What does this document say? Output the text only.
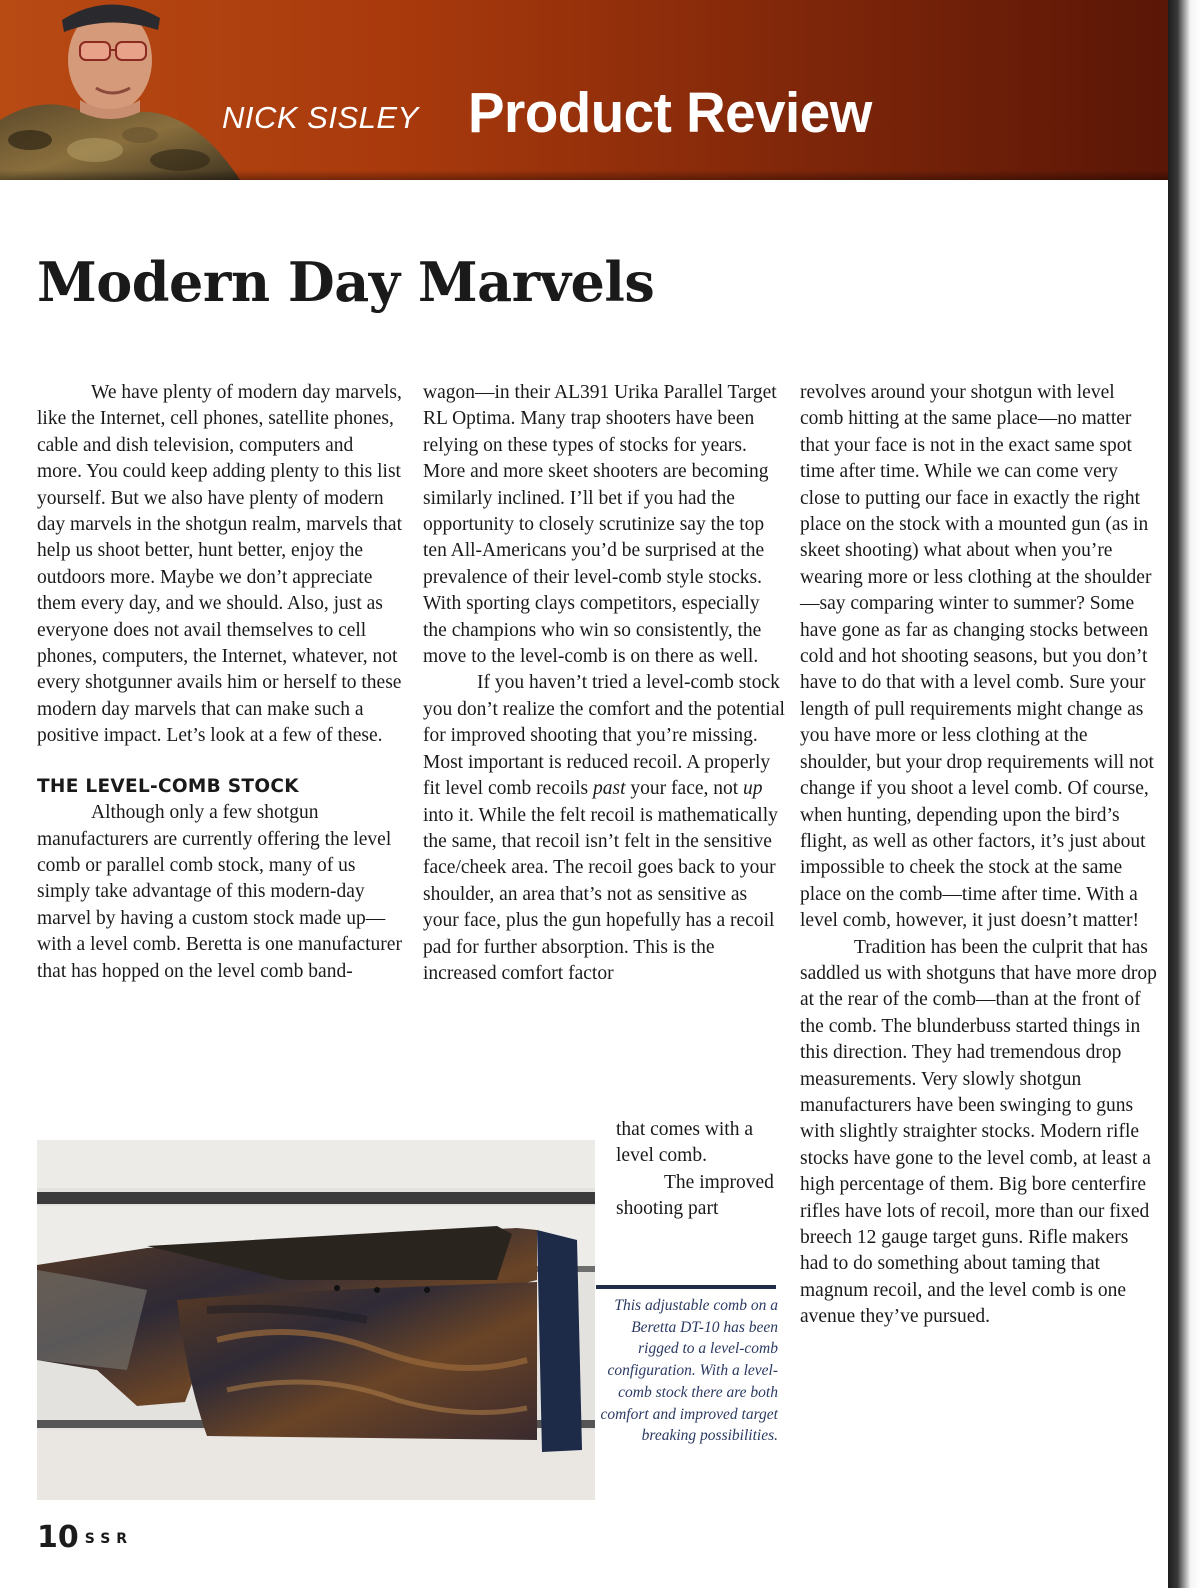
NICK SISLEY Product Review
Modern Day Marvels

We have plenty of modern day marvels, like the Internet, cell phones, satellite phones, cable and dish television, computers and more. You could keep adding plenty to this list yourself. But we also have plenty of modern day marvels in the shotgun realm, marvels that help us shoot better, hunt better, enjoy the outdoors more. Maybe we don’t appreciate them every day, and we should. Also, just as everyone does not avail themselves to cell phones, computers, the Internet, whatever, not every shotgunner avails him or herself to these modern day marvels that can make such a positive impact. Let’s look at a few of these.

THE LEVEL-COMB STOCK

Although only a few shotgun manufacturers are currently offering the level comb or parallel comb stock, many of us simply take advantage of this modern-day marvel by having a custom stock made up—with a level comb. Beretta is one manufacturer that has hopped on the level comb band-

wagon—in their AL391 Urika Parallel Target RL Optima. Many trap shooters have been relying on these types of stocks for years. More and more skeet shooters are becoming similarly inclined. I’ll bet if you had the opportunity to closely scrutinize say the top ten All-Americans you’d be surprised at the prevalence of their level-comb style stocks. With sporting clays competitors, especially the champions who win so consistently, the move to the level-comb is on there as well.

If you haven’t tried a level-comb stock you don’t realize the comfort and the potential for improved shooting that you’re missing. Most important is reduced recoil. A properly fit level comb recoils past your face, not up into it. While the felt recoil is mathematically the same, that recoil isn’t felt in the sensitive face/cheek area. The recoil goes back to your shoulder, an area that’s not as sensitive as your face, plus the gun hopefully has a recoil pad for further absorption. This is the increased comfort factor

that comes with a level comb.

The improved shooting part

revolves around your shotgun with level comb hitting at the same place—no matter that your face is not in the exact same spot time after time. While we can come very close to putting our face in exactly the right place on the stock with a mounted gun (as in skeet shooting) what about when you’re wearing more or less clothing at the shoulder—say comparing winter to summer? Some have gone as far as changing stocks between cold and hot shooting seasons, but you don’t have to do that with a level comb. Sure your length of pull requirements might change as you have more or less clothing at the shoulder, but your drop requirements will not change if you shoot a level comb. Of course, when hunting, depending upon the bird’s flight, as well as other factors, it’s just about impossible to cheek the stock at the same place on the comb—time after time. With a level comb, however, it just doesn’t matter!

Tradition has been the culprit that has saddled us with shotguns that have more drop at the rear of the comb—than at the front of the comb. The blunderbuss started things in this direction. They had tremendous drop measurements. Very slowly shotgun manufacturers have been swinging to guns with slightly straighter stocks. Modern rifle stocks have gone to the level comb, at least a high percentage of them. Big bore centerfire rifles have lots of recoil, more than our fixed breech 12 gauge target guns. Rifle makers had to do something about taming that magnum recoil, and the level comb is one avenue they’ve pursued.

This adjustable comb on a Beretta DT-10 has been rigged to a level-comb configuration. With a level-comb stock there are both comfort and improved target breaking possibilities.
10 SSR
